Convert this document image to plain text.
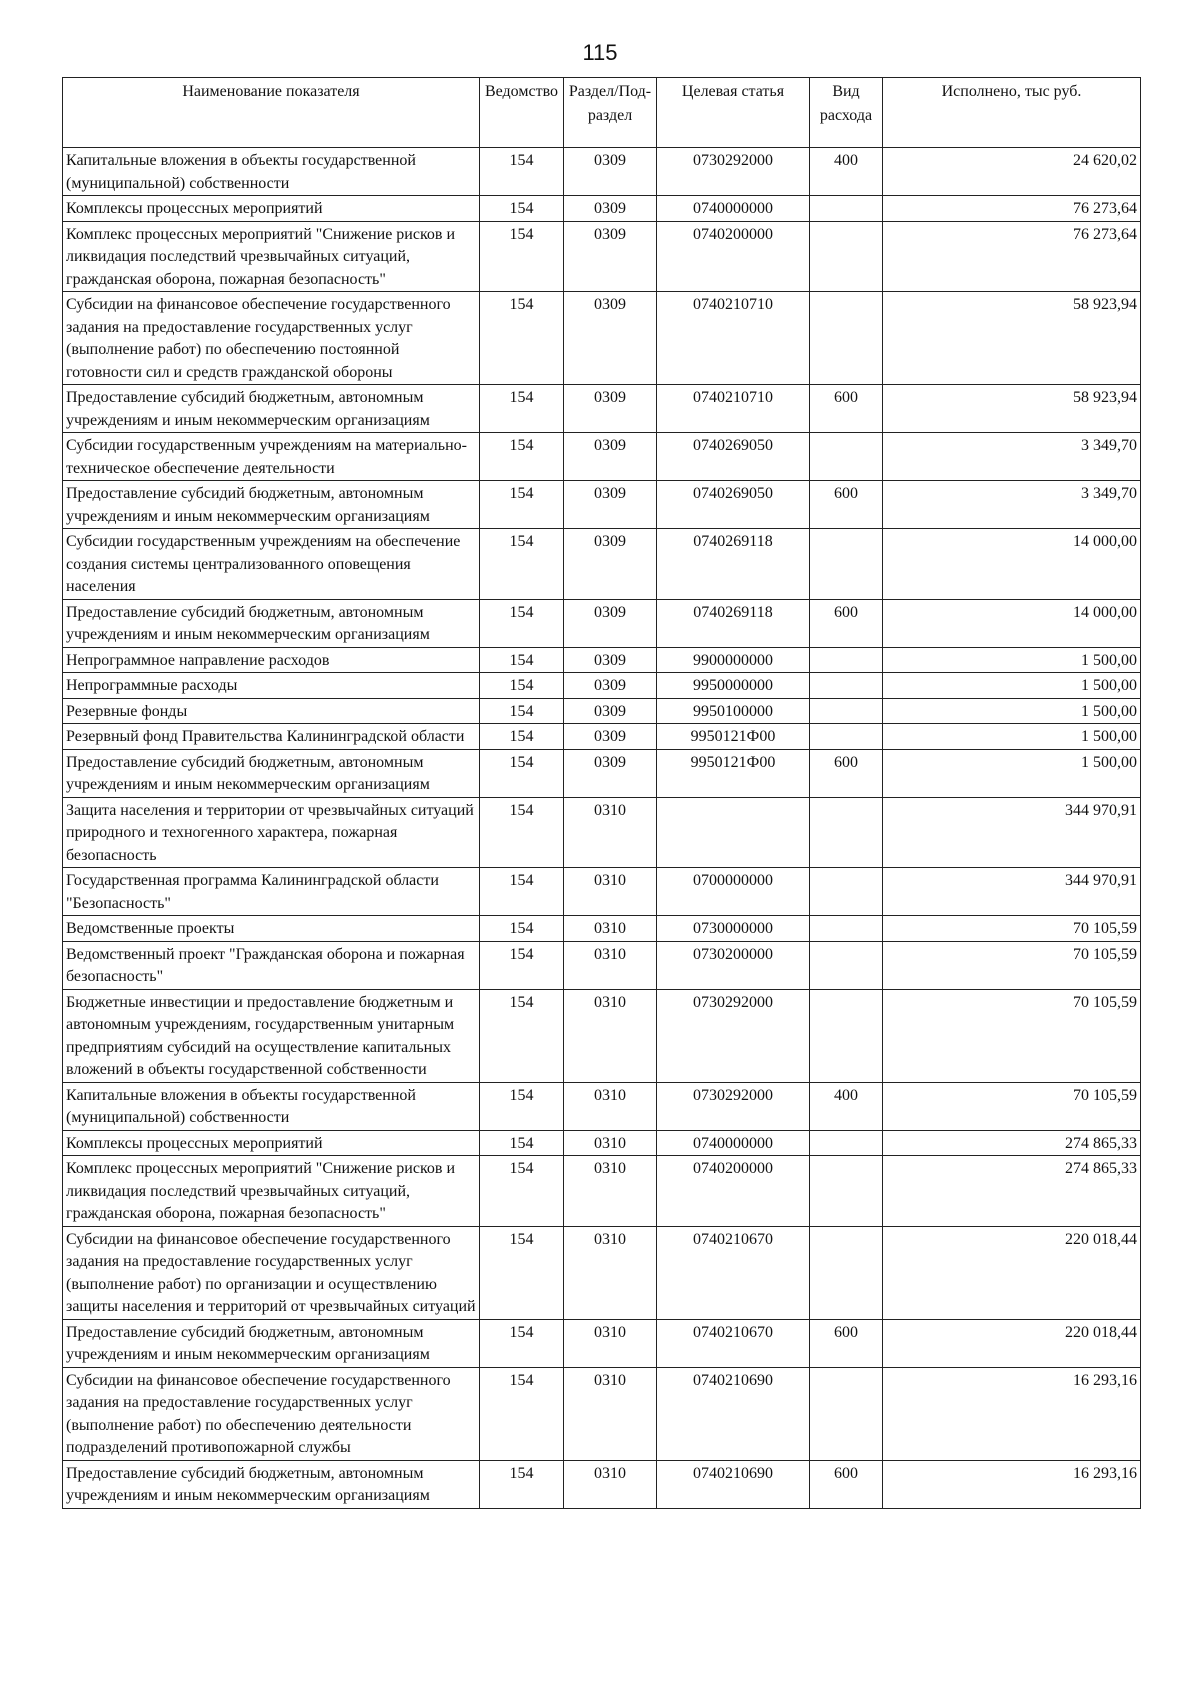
115
Наименование показателя	Ведомство	Раздел/Под-раздел	Целевая статья	Вид расхода	Исполнено, тыс руб.
Капитальные вложения в объекты государственной (муниципальной) собственности	154	0309	0730292000	400	24 620,02
Комплексы процессных мероприятий	154	0309	0740000000		76 273,64
Комплекс процессных мероприятий "Снижение рисков и ликвидация последствий чрезвычайных ситуаций, гражданская оборона, пожарная безопасность"	154	0309	0740200000		76 273,64
Субсидии на финансовое обеспечение государственного задания на предоставление государственных услуг (выполнение работ) по обеспечению постоянной готовности сил и средств гражданской обороны	154	0309	0740210710		58 923,94
Предоставление субсидий бюджетным, автономным учреждениям и иным некоммерческим организациям	154	0309	0740210710	600	58 923,94
Субсидии государственным учреждениям на материально-техническое обеспечение деятельности	154	0309	0740269050		3 349,70
Предоставление субсидий бюджетным, автономным учреждениям и иным некоммерческим организациям	154	0309	0740269050	600	3 349,70
Субсидии государственным учреждениям на обеспечение создания системы централизованного оповещения населения	154	0309	0740269118		14 000,00
Предоставление субсидий бюджетным, автономным учреждениям и иным некоммерческим организациям	154	0309	0740269118	600	14 000,00
Непрограммное направление расходов	154	0309	9900000000		1 500,00
Непрограммные расходы	154	0309	9950000000		1 500,00
Резервные фонды	154	0309	9950100000		1 500,00
Резервный фонд Правительства Калининградской области	154	0309	9950121Ф00		1 500,00
Предоставление субсидий бюджетным, автономным учреждениям и иным некоммерческим организациям	154	0309	9950121Ф00	600	1 500,00
Защита населения и территории от чрезвычайных ситуаций природного и техногенного характера, пожарная безопасность	154	0310			344 970,91
Государственная программа Калининградской области "Безопасность"	154	0310	0700000000		344 970,91
Ведомственные проекты	154	0310	0730000000		70 105,59
Ведомственный проект "Гражданская оборона и пожарная безопасность"	154	0310	0730200000		70 105,59
Бюджетные инвестиции и предоставление бюджетным и автономным учреждениям, государственным унитарным предприятиям субсидий на осуществление капитальных вложений в объекты государственной собственности	154	0310	0730292000		70 105,59
Капитальные вложения в объекты государственной (муниципальной) собственности	154	0310	0730292000	400	70 105,59
Комплексы процессных мероприятий	154	0310	0740000000		274 865,33
Комплекс процессных мероприятий "Снижение рисков и ликвидация последствий чрезвычайных ситуаций, гражданская оборона, пожарная безопасность"	154	0310	0740200000		274 865,33
Субсидии на финансовое обеспечение государственного задания на предоставление государственных услуг (выполнение работ) по организации и осуществлению защиты населения и территорий от чрезвычайных ситуаций	154	0310	0740210670		220 018,44
Предоставление субсидий бюджетным, автономным учреждениям и иным некоммерческим организациям	154	0310	0740210670	600	220 018,44
Субсидии на финансовое обеспечение государственного задания на предоставление государственных услуг (выполнение работ) по обеспечению деятельности подразделений противопожарной службы	154	0310	0740210690		16 293,16
Предоставление субсидий бюджетным, автономным учреждениям и иным некоммерческим организациям	154	0310	0740210690	600	16 293,16
